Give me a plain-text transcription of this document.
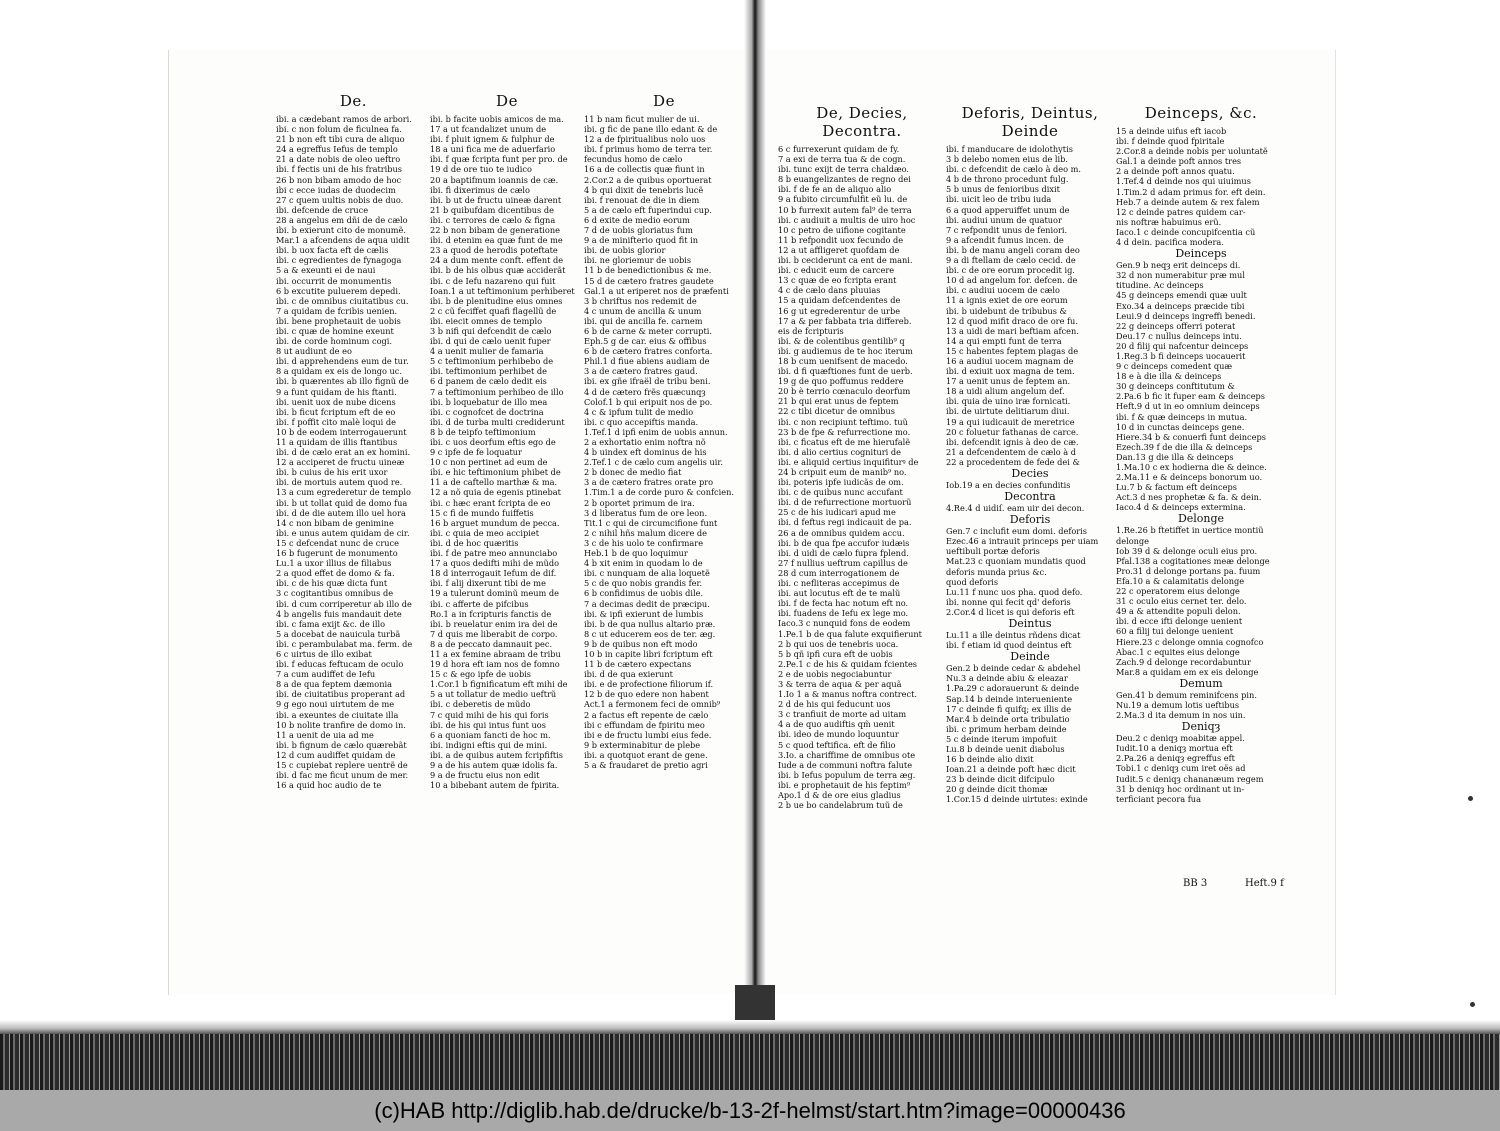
De.
ibi. a cædebant ramos de arbori.
ibi. c non folum de ficulnea fa.
21 b non eft tibi cura de aliquo
24 a egreffus Iefus de templo
21 a date nobis de oleo ueftro
ibi. f fectis uni de his fratribus
26 b non bibam amodo de hoc
ibi c ecce iudas de duodecim
27 c quem uultis nobis de duo.
ibi. defcende de cruce
28 a angelus em dñi de de cælo
ibi. b exierunt cito de monumẽ.
Mar.1 a afcendens de aqua uidit
ibi. b uox facta eft de cælis
ibi. c egredientes de fynagoga
5 a & exeunti ei de naui
ibi. occurrit de monumentis
6 b excutite puluerem depedi.
ibi. c de omnibus ciuitatibus cu.
7 a quidam de fcribis uenien.
ibi. bene prophetauit de uobis
ibi. c quæ de homine exeunt
ibi. de corde hominum cogi.
8 ut audiunt de eo
ibi. d apprehendens eum de tur.
8 a quidam ex eis de longo uc.
ibi. b quærentes ab illo fignũ de
9 a funt quidam de his ftanti.
ibi. uenit uox de nube dicens
ibi. b ficut fcriptum eft de eo
ibi. f poffit cito malè loqui de
10 b de eodem interrogauerunt
11 a quidam de illis ftantibus
ibi. d de cælo erat an ex homini.
12 a acciperet de fructu uineæ
ibi. b cuius de his erit uxor
ibi. de mortuis autem quod re.
13 a cum egrederetur de templo
ibi. b ut tollat quid de domo fua
ibi. d de die autem illo uel hora
14 c non bibam de genimine
ibi. e unus autem quidam de cir.
15 c defcendat nunc de cruce
16 b fugerunt de monumento
Lu.1 a uxor illius de filiabus
2 a quod effet de domo & fa.
ibi. c de his quæ dicta funt
3 c cogitantibus omnibus de
ibi. d cum corriperetur ab illo de
4 b angelis fuis mandauit dete
ibi. c fama exijt &c. de illo
5 a docebat de nauicula turbã
ibi. c perambulabat ma. ferm. de
6 c uirtus de illo exibat
ibi. f educas feftucam de oculo
7 a cum audiffet de Iefu
8 a de qua feptem dæmonia
ibi. de ciuitatibus properant ad
9 g ego noui uirtutem de me
ibi. a exeuntes de ciuitate illa
10 b nolite tranfire de domo in.
11 a uenit de uia ad me
ibi. b fignum de cælo quærebãt
12 d cum audiffet quidam de
15 c cupiebat replere uentrẽ de
ibi. d fac me ficut unum de mer.
16 a quid hoc audio de te
De
ibi. b facite uobis amicos de ma.
17 a ut fcandalizet unum de
ibi. f pluit ignem & fulphur de
18 a uni fica me de aduerfario
ibi. f quæ fcripta funt per pro. de
19 d de ore tuo te iudico
20 a baptifmum ioannis de cæ.
ibi. fi dixerimus de cælo
ibi. b ut de fructu uineæ darent
21 b quibufdam dicentibus de
ibi. c terrores de cælo & figna
22 b non bibam de generatione
ibi. d etenim ea quæ funt de me
23 a quod de herodis poteftate
24 a dum mente conft. effent de
ibi. b de his olbus quæ acciderãt
ibi. c de Iefu nazareno qui fuit
Ioan.1 a ut teftimonium perhiberet
ibi. b de plenitudine eius omnes
2 c cũ feciffet quafi flagellũ de
ibi. eiecit omnes de templo
3 b nifi qui defcendit de cælo
ibi. d qui de cælo uenit fuper
4 a uenit mulier de famaria
5 c teftimonium perhibebo de
ibi. teftimonium perhibet de
6 d panem de cælo dedit eis
7 a teftimonium perhibeo de illo
ibi. b loquebatur de illo mea
ibi. c cognofcet de doctrina
ibi. d de turba multi crediderunt
8 b de teipfo teftimonium
ibi. c uos deorfum eftis ego de
9 c ipfe de fe loquatur
10 c non pertinet ad eum de
ibi. e hic teftimonium phibet de
11 a de caftello marthæ & ma.
12 a nõ quia de egenis ptinebat
ibi. c hæc erant fcripta de eo
15 c fi de mundo fuiffetis
16 b arguet mundum de pecca.
ibi. c quia de meo accipiet
ibi. d de hoc quæritis
ibi. f de patre meo annunciabo
17 a quos dedifti mihi de mũdo
18 d interrogauit Iefum de dif.
ibi. f alij dixerunt tibi de me
19 a tulerunt dominũ meum de
ibi. c afferte de pifcibus
Ro.1 a in fcripturis fanctis de
ibi. b reuelatur enim ira dei de
7 d quis me liberabit de corpo.
8 a de peccato damnauit pec.
11 a ex femine abraam de tribu
19 d hora eft iam nos de fomno
15 c & ego ipfe de uobis
1.Cor.1 b fignificatum eft mihi de
5 a ut tollatur de medio ueftrũ
ibi. c deberetis de mũdo
7 c quid mihi de his qui foris
ibi. de his qui intus funt uos
6 a quoniam fancti de hoc m.
ibi. indigni eftis qui de mini.
ibi. a de quibus autem fcripfiftis
9 a de his autem quæ idolis fa.
9 a de fructu eius non edit
10 a bibebant autem de fpirita.
De
11 b nam ficut mulier de ui.
ibi. g fic de pane illo edant & de
12 a de fpiritualibus nolo uos
ibi. f primus homo de terra ter.
fecundus homo de cælo
16 a de collectis quæ fiunt in
2.Cor.2 a de quibus oportuerat
4 b qui dixit de tenebris lucẽ
ibi. f renouat de die in diem
5 a de cælo eft fuperindui cup.
6 d exite de medio eorum
7 d de uobis gloriatus fum
9 a de minifterio quod fit in
ibi. de uobis glorior
ibi. ne gloriemur de uobis
11 b de benedictionibus & me.
15 d de cætero fratres gaudete
Gal.1 a ut eriperet nos de præfenti
3 b chriftus nos redemit de
4 c unum de ancilla & unum
ibi. qui de ancilla fe. carnem
6 b de carne & meter corrupti.
Eph.5 g de car. eius & offibus
6 b de cætero fratres conforta.
Phil.1 d fiue abiens audiam de
3 a de cætero fratres gaud.
ibi. ex gñe ifraël de tribu beni.
4 d de cætero frẽs quæcunqȝ
Colof.1 b qui eripuit nos de po.
4 c & ipfum tulit de medio
ibi. c quo accepiftis manda.
1.Tef.1 d ipfi enim de uobis annun.
2 a exhortatio enim noftra nõ
4 b uindex eft dominus de his
2.Tef.1 c de cælo cum angelis uir.
2 b donec de medio fiat
3 a de cætero fratres orate pro
1.Tim.1 a de corde puro & confcien.
2 b oportet primum de ira.
3 d liberatus fum de ore leon.
Tit.1 c qui de circumcifione funt
2 c nihil hñs malum dicere de
3 c de his uolo te confirmare
Heb.1 b de quo loquimur
4 b xit enim in quodam lo de
ibi. c nunquam de alia loquetẽ
5 c de quo nobis grandis fer.
6 b confidimus de uobis dile.
7 a decimas dedit de præcipu.
ibi. & ipfi exierunt de lumbis
ibi. b de qua nullus altario præ.
8 c ut educerem eos de ter. æg.
9 b de quibus non eft modo
10 b in capite libri fcriptum eft
11 b de cætero expectans
ibi. d de qua exierunt
ibi. e de profectione filiorum if.
12 b de quo edere non habent
Act.1 a fermonem feci de omnib⁹
2 a factus eft repente de cælo
ibi c effundam de fpiritu meo
ibi e de fructu lumbi eius fede.
9 b exterminabitur de plebe
ibi. a quotquot erant de gene.
5 a & fraudaret de pretio agri
De, Decies, Decontra.
6 c furrexerunt quidam de fy.
7 a exi de terra tua & de cogn.
ibi. tunc exijt de terra chaldæo.
8 b euangelizantes de regno dei
ibi. f de fe an de aliquo alio
9 a fubito circumfulfit eũ lu. de
10 b furrexit autem fal⁹ de terra
ibi. c audiuit a multis de uiro hoc
10 c petro de uifione cogitante
11 b refpondit uox fecundo de
12 a ut affligeret quofdam de
ibi. b ceciderunt ca ent de mani.
ibi. c educit eum de carcere
13 c quæ de eo fcripta erant
4 c de cælo dans pluuias
15 a quidam defcendentes de
16 g ut egrederentur de urbe
17 a & per fabbata tria differeb.
eis de fcripturis
ibi. & de colentibus gentilib⁹ q
ibi. g audiemus de te hoc iterum
18 b cum uenifsent de macedo.
ibi. d fi quæftiones funt de uerb.
19 g de quo poffumus reddere
20 b è terrio cœnaculo deorfum
21 b qui erat unus de feptem
22 c tibi dicetur de omnibus
ibi. c non recipiunt teftimo. tuũ
23 b de fpe & refurrectione mo.
ibi. c ficatus eft de me hierufalẽ
ibi. d alio certius cognituri de
ibi. e aliquid certius inquifiturꝰ de
24 b cripuit eum de manib⁹ no.
ibi. poteris ipfe iudicãs de om.
ibi. c de quibus nunc accufant
ibi. d de refurrectione mortuorũ
25 c de his iudicari apud me
ibi. d feftus regi indicauit de pa.
26 a de omnibus quidem accu.
ibi. b de qua fpe accufor iudæis
ibi. d uidi de cælo fupra fplend.
27 f nullius ueftrum capillus de
28 d cum interrogationem de
ibi. c nefliteras accepimus de
ibi. aut locutus eft de te malũ
ibi. f de fecta hac notum eft no.
ibi. fuadens de Iefu ex lege mo.
Iaco.3 c nunquid fons de eodem
1.Pe.1 b de qua falute exquifierunt
2 b qui uos de tenebris uoca.
5 b qñ ipfi cura eft de uobis
2.Pe.1 c de his & quidam fcientes
2 e de uobis negociabuntur
3 & terra de aqua & per aquã
1.Io 1 a & manus noftra contrect.
2 d de his qui feducunt uos
3 c tranfiuit de morte ad uitam
4 a de quo audiftis qm̃ uenit
ibi. ideo de mundo loquuntur
5 c quod teftifica. eft de filio
3.Io. a chariffime de omnibus ote
Iude a de communi noftra falute
ibi. b Iefus populum de terra æg.
ibi. e prophetauit de his feptim⁹
Apo.1 d & de ore eius gladius
2 b ue bo candelabrum tuũ de
Deforis, Deintus, Deinde
ibi. f manducare de idolothytis
3 b delebo nomen eius de lib.
ibi. c defcendit de cælo à deo m.
4 b de throno procedunt fulg.
5 b unus de fenioribus dixit
ibi. uicit leo de tribu iuda
6 a quod apperuiffet unum de
ibi. audiui unum de quatuor
7 c refpondit unus de feniori.
9 a afcendit fumus incen. de
ibi. b de manu angeli coram deo
9 a di ftellam de cælo cecid. de
ibi. c de ore eorum procedit ig.
10 d ad angelum for. defcen. de
ibi. c audiui uocem de cælo
11 a ignis exiet de ore eorum
ibi. b uidebunt de tribubus &
12 d quod mifit draco de ore fu.
13 a uidi de mari beftiam afcen.
14 a qui empti funt de terra
15 c habentes feptem plagas de
16 a audiui uocem magnam de
ibi. d exiuit uox magna de tem.
17 a uenit unus de feptem an.
18 a uidi alium angelum def.
ibi. quia de uino iræ fornicati.
ibi. de uirtute delitiarum diui.
19 a qui iudicauit de meretrice
20 c foluetur fathanas de carce.
ibi. defcendit ignis à deo de cæ.
21 a defcendentem de cælo à d
22 a procedentem de fede dei &
Decies
Iob.19 a en decies confunditis
Decontra
4.Re.4 d uidiſ. eam uir dei decon.
Deforis
Gen.7 c inclufit eum domi. deforis
Ezec.46 a intrauit princeps per uiam
ueftibuli portæ deforis
Mat.23 c quoniam mundatis quod
deforis munda prius &c.
quod deforis
Lu.11 f nunc uos pha. quod defo.
ibi. nonne qui fecit qd' deforis
2.Cor.4 d licet is qui deforis eft
Deintus
Lu.11 a ille deintus rñdens dicat
ibi. f etiam id quod deintus eft
Deinde
Gen.2 b deinde cedar & abdehel
Nu.3 a deinde abiu & eleazar
1.Pa.29 c adorauerunt & deinde
Sap.14 b deinde interueniente
17 c deinde fi quifq; ex illis de
Mar.4 b deinde orta tribulatio
ibi. c primum herbam deinde
5 c deinde iterum impofuit
Lu.8 b deinde uenit diabolus
16 b deinde alio dixit
Ioan.21 a deinde poft hæc dicit
23 b deinde dicit difcipulo
20 g deinde dicit thomæ
1.Cor.15 d deinde uirtutes: exinde
Deinceps, &c.
15 a deinde uifus eft iacob
ibi. f deinde quod fpiritale
2.Cor.8 a deinde nobis per uoluntatẽ
Gal.1 a deinde poft annos tres
2 a deinde poft annos quatu.
1.Tef.4 d deinde nos qui uiuimus
1.Tim.2 d adam primus for. eft dein.
Heb.7 a deinde autem & rex falem
12 c deinde patres quidem car-
nis noftræ habuimus erũ.
Iaco.1 c deinde concupifcentia cũ
4 d dein. pacifica modera.
Deinceps
Gen.9 b neqȝ erit deinceps di.
32 d non numerabitur præ mul
titudine. Ac deinceps
45 g deinceps emendi quæ uult
Exo.34 a deinceps præcide tibi
Leui.9 d deinceps ingreffi benedi.
22 g deinceps offerri poterat
Deu.17 c nullus deinceps intu.
20 d filij qui nafcentur deinceps
1.Reg.3 b fi deinceps uocauerit
9 c deinceps comedent quæ
18 e à die illa & deinceps
30 g deinceps conftitutum &
2.Pa.6 b fic it fuper eam & deinceps
Heft.9 d ut in eo omnium deinceps
ibi. f & quæ deinceps in mutua.
10 d in cunctas deinceps gene.
Hiere.34 b & conuerfi funt deinceps
Ezech.39 f de die illa & deinceps
Dan.13 g die illa & deinceps
1.Ma.10 c ex hodierna die & deince.
2.Ma.11 e & deinceps bonorum uo.
Lu.7 b & factum eft deinceps
Act.3 d nes prophetæ & fa. & dein.
Iaco.4 d & deinceps extermina.
Delonge
1.Re.26 b ftetiffet in uertice montiũ
delonge
Iob 39 d & delonge oculi eius pro.
Pfal.138 a cogitationes meæ delonge
Pro.31 d delonge portans pa. fuum
Efa.10 a & calamitatis delonge
22 c operatorem eius delonge
31 c oculo eius cernet ter. delo.
49 a & attendite populi delon.
ibi. d ecce ifti delonge uenient
60 a filij tui delonge uenient
Hiere.23 c delonge omnia cognofco
Abac.1 c equites eius delonge
Zach.9 d delonge recordabuntur
Mar.8 a quidam em ex eis delonge
Demum
Gen.41 b demum reminifcens pin.
Nu.19 a demum lotis ueftibus
2.Ma.3 d ita demum in nos uin.
Deniqȝ
Deu.2 c deniqȝ moabitæ appel.
Iudit.10 a deniqȝ mortua eft
2.Pa.26 a deniqȝ egreffus eft
Tobi.1 c deniqȝ cum iret oës ad
Iudit.5 c deniqȝ chananæum regem
31 b deniqȝ hoc ordinant ut in-
terficiant pecora fua
BB 3	Heft.9 f
(c)HAB http://diglib.hab.de/drucke/b-13-2f-helmst/start.htm?image=00000436
